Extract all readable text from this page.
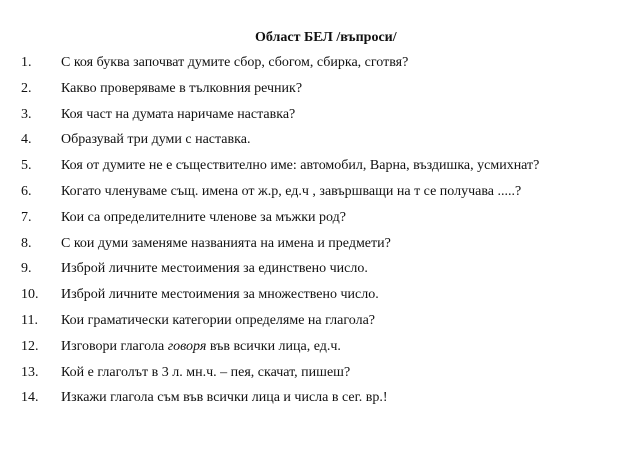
Област БЕЛ /въпроси/
1.	С коя буква започват думите сбор, сбогом, сбирка, сготвя?
2.	Какво проверяваме в тълковния речник?
3.	Коя част на думата наричаме наставка?
4.	Образувай три думи с наставка.
5.	Коя от думите не е съществително име: автомобил, Варна, въздишка, усмихнат?
6.	Когато членуваме същ. имена от ж.р, ед.ч , завършващи на т се получава .....?
7.	Кои са определителните членове за мъжки род?
8.	С кои думи заменяме названията на имена и предмети?
9.	Изброй личните местоимения за единствено число.
10.	Изброй личните местоимения за множествено число.
11.	Кои граматически категории определяме на глагола?
12.	Изговори глагола говоря във всички лица, ед.ч.
13.	Кой е глаголът в 3 л. мн.ч. – пея, скачат, пишеш?
14.	Изкажи глагола съм във всички лица и числа в сег. вр.!
